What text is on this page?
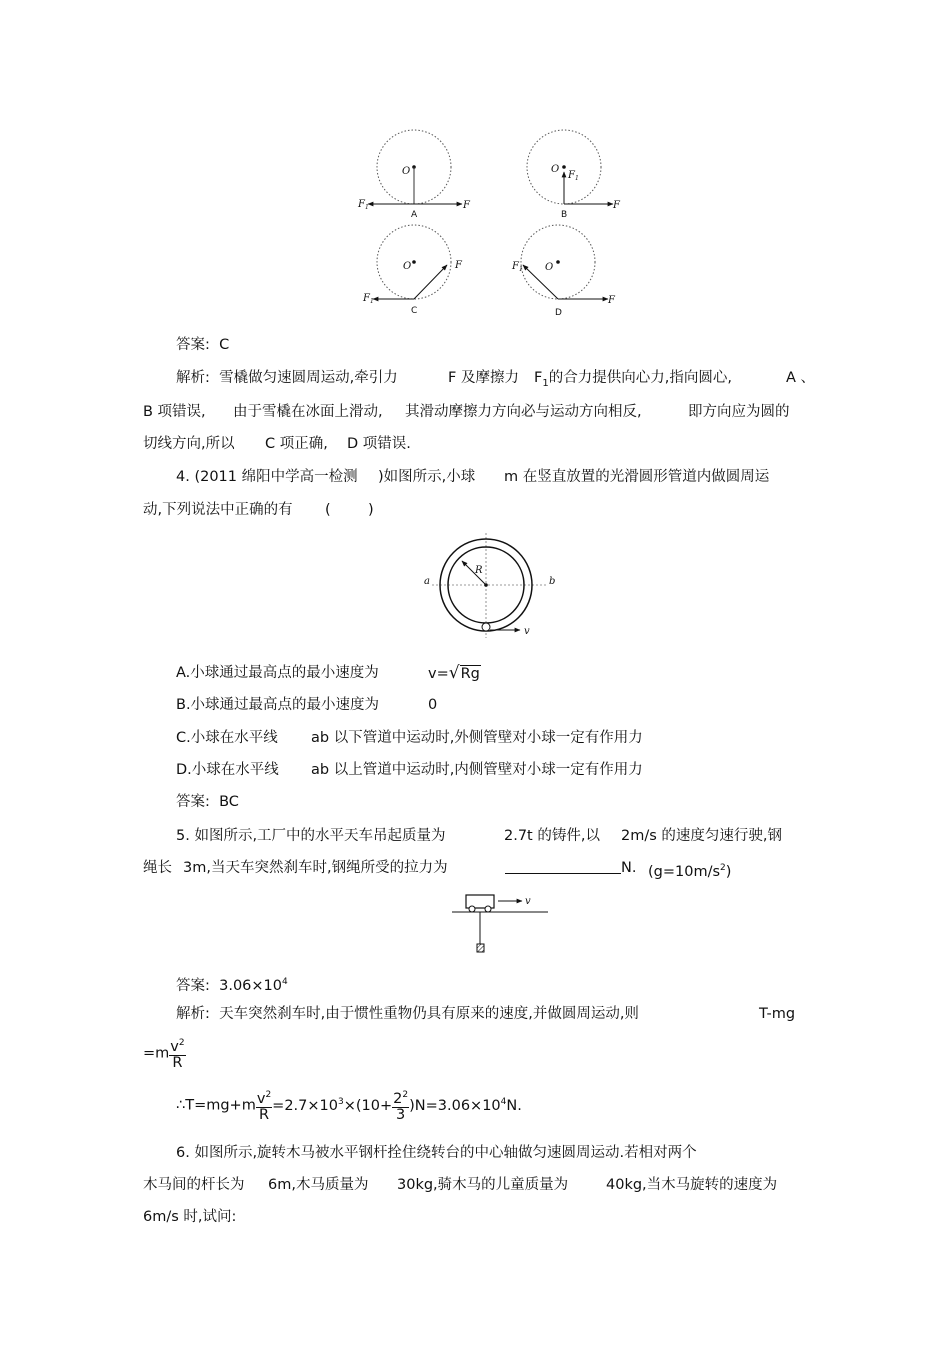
O
F
$F_1$
A
O
$F_1$
F
B
O	F
$F_1$
C
O
$F_1$
F
D
答案: C
解析: 雪橇做匀速圆周运动,牵引力	F 及摩擦力 $F_1$的合力提供向心力,指向圆心,	A 、
B 项错误, 由于雪橇在冰面上滑动, 其滑动摩擦力方向必与运动方向相反,	即方向应为圆的
切线方向,所以 C 项正确, D 项错误.
4. (2011 绵阳中学高一检测 )如图所示,小球 m 在竖直放置的光滑圆形管道内做圆周运
动,下列说法中正确的有 (	)
a	b
R
v
A.小球通过最高点的最小速度为	v=√Rg
B.小球通过最高点的最小速度为	0
C.小球在水平线 ab 以下管道中运动时,外侧管壁对小球一定有作用力
D.小球在水平线 ab 以上管道中运动时,内侧管壁对小球一定有作用力
答案: BC
5. 如图所示,工厂中的水平天车吊起质量为	2.7t 的铸件,以 2m/s 的速度匀速行驶,钢
绳长 3m,当天车突然刹车时,钢绳所受的拉力为	N. $(g=10m/s^2)$
v
答案: $3.06\times 10^4$
解析: 天车突然刹车时,由于惯性重物仍具有原来的速度,并做圆周运动,则	T-mg
$=m \frac{v^2}{R}$
∴T=mg+m $\frac{v^2}{R} =2.7\times 10^3\times(10+ \frac{2^2}{3} )N=3.06\times 10^4N$.
6. 如图所示,旋转木马被水平钢杆拴住绕转台的中心轴做匀速圆周运动.若相对两个
木马间的杆长为 6m,木马质量为 30kg,骑木马的儿童质量为	40kg,当木马旋转的速度为
6m/s 时,试问:
